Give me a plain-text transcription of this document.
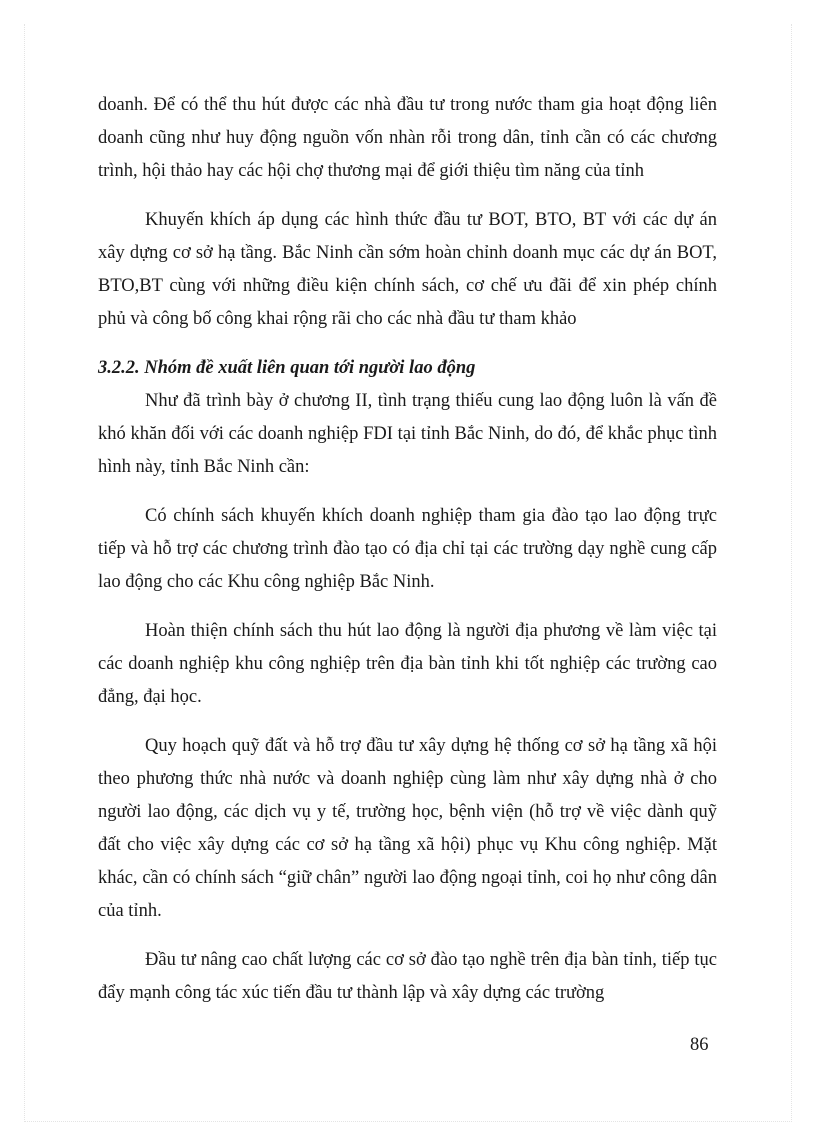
doanh. Để có thể thu hút được các nhà đầu tư trong nước tham gia hoạt động liên doanh cũng như huy động nguồn vốn nhàn rỗi trong dân, tỉnh cần có các chương trình, hội thảo hay các hội chợ thương mại để giới thiệu tìm năng của tỉnh

Khuyến khích áp dụng các hình thức đầu tư BOT, BTO, BT với các dự án xây dựng cơ sở hạ tầng. Bắc Ninh cần sớm hoàn chỉnh doanh mục các dự án BOT, BTO,BT cùng với những điều kiện chính sách, cơ chế ưu đãi để xin phép chính phủ và công bố công khai rộng rãi cho các nhà đầu tư tham khảo

3.2.2. Nhóm đề xuất liên quan tới người lao động

Như đã trình bày ở chương II, tình trạng thiếu cung lao động luôn là vấn đề khó khăn đối với các doanh nghiệp FDI tại tỉnh Bắc Ninh, do đó, để khắc phục tình hình này, tỉnh Bắc Ninh cần:

Có chính sách khuyến khích doanh nghiệp tham gia đào tạo lao động trực tiếp và hỗ trợ các chương trình đào tạo có địa chỉ tại các trường dạy nghề cung cấp lao động cho các Khu công nghiệp Bắc Ninh.

Hoàn thiện chính sách thu hút lao động là người địa phương về làm việc tại các doanh nghiệp khu công nghiệp trên địa bàn tỉnh khi tốt nghiệp các trường cao đẳng, đại học.

Quy hoạch quỹ đất và hỗ trợ đầu tư xây dựng hệ thống cơ sở hạ tầng xã hội theo phương thức nhà nước và doanh nghiệp cùng làm như xây dựng nhà ở cho người lao động, các dịch vụ y tế, trường học, bệnh viện (hỗ trợ về việc dành quỹ đất cho việc xây dựng các cơ sở hạ tầng xã hội) phục vụ Khu công nghiệp. Mặt khác, cần có chính sách “giữ chân” người lao động ngoại tỉnh, coi họ như công dân của tỉnh.

Đầu tư nâng cao chất lượng các cơ sở đào tạo nghề trên địa bàn tỉnh, tiếp tục đẩy mạnh công tác xúc tiến đầu tư thành lập và xây dựng các trường

86
